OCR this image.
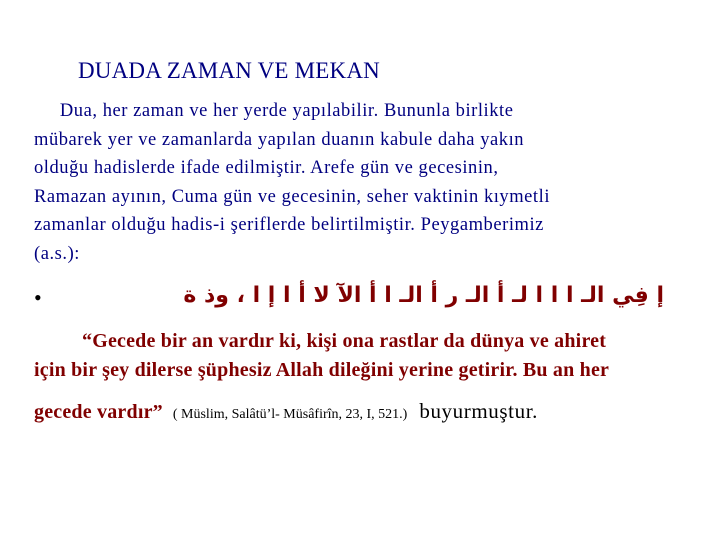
DUADA ZAMAN VE MEKAN
Dua, her zaman ve her yerde yapılabilir. Bununla birlikte
mübarek yer ve zamanlarda yapılan duanın kabule daha yakın
olduğu hadislerde ifade edilmiştir. Arefe gün ve gecesinin,
Ramazan ayının, Cuma gün ve gecesinin, seher vaktinin kıymetli
zamanlar olduğu hadis-i şeriflerde belirtilmiştir. Peygamberimiz
(a.s.):
•	إ فِي الـ ا ا ا لـ أ الـ ر أ الـ ا أ الآ لا أ ا إ ا ، وذ ة
“Gecede bir an vardır ki, kişi ona rastlar da dünya ve ahiret
için bir şey dilerse şüphesiz Allah dileğini yerine getirir. Bu an her
gecede vardır” ( Müslim, Salâtü’l- Müsâfirîn, 23, I, 521.) buyurmuştur.
